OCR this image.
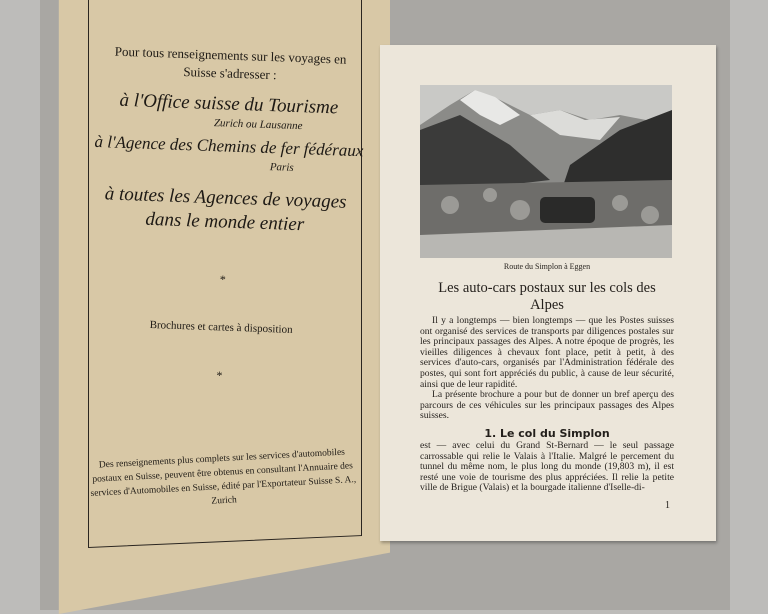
Pour tous renseignements sur les voyages en Suisse s'adresser :
à l'Office suisse du Tourisme
Zurich ou Lausanne
à l'Agence des Chemins de fer fédéraux
Paris
à toutes les Agences de voyages
dans le monde entier
*
Brochures et cartes à disposition
*
Des renseignements plus complets sur les services d'automobiles postaux en Suisse, peuvent être obtenus en consultant l'Annuaire des services d'Automobiles en Suisse, édité par l'Exportateur Suisse S. A., Zurich
Route du Simplon à Eggen
Les auto-cars postaux sur les cols des Alpes

Il y a longtemps — bien longtemps — que les Postes suisses ont organisé des services de transports par diligences postales sur les principaux passages des Alpes. A notre époque de progrès, les vieilles diligences à chevaux font place, petit à petit, à des services d'auto-cars, organisés par l'Administration fédérale des postes, qui sont fort appréciés du public, à cause de leur sécurité, ainsi que de leur rapidité.

La présente brochure a pour but de donner un bref aperçu des parcours de ces véhicules sur les principaux passages des Alpes suisses.

1. Le col du Simplon

est — avec celui du Grand St-Bernard — le seul passage carrossable qui relie le Valais à l'Italie. Malgré le percement du tunnel du même nom, le plus long du monde (19,803 m), il est resté une voie de tourisme des plus appréciées. Il relie la petite ville de Brigue (Valais) et la bourgade italienne d'Iselle-di-

1
